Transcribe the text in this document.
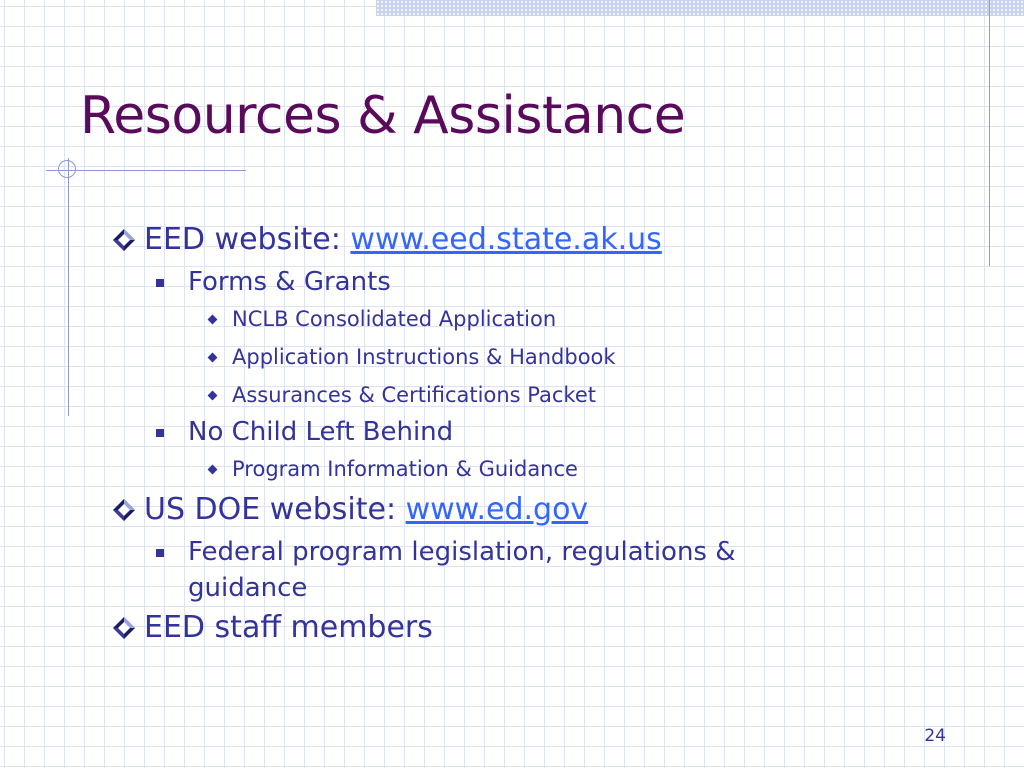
Resources & Assistance
EED website: www.eed.state.ak.us
Forms & Grants
NCLB Consolidated Application
Application Instructions & Handbook
Assurances & Certifications Packet
No Child Left Behind
Program Information & Guidance
US DOE website: www.ed.gov
Federal program legislation, regulations & guidance
EED staff members
24
